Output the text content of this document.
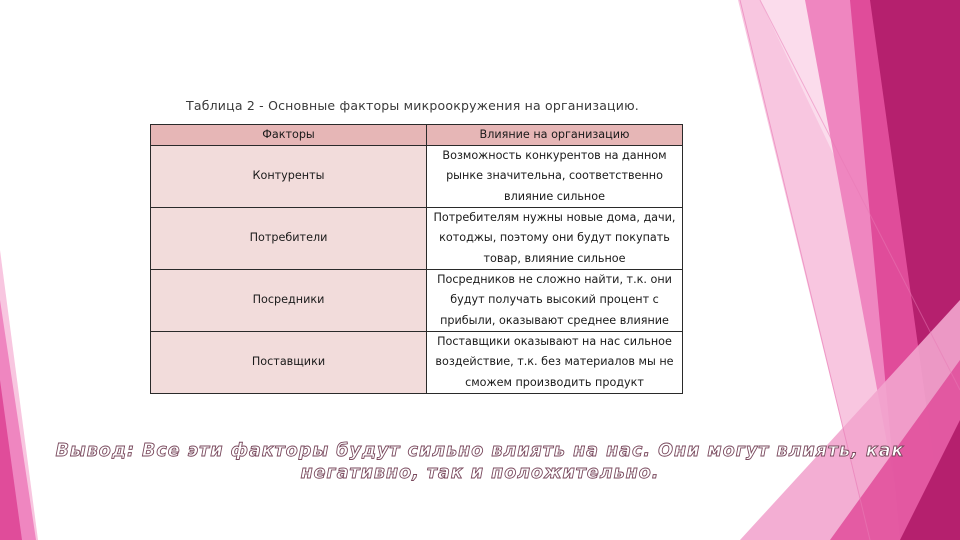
Таблица 2 - Основные факторы микроокружения на организацию.
Факторы	Влияние на организацию
Контуренты	Возможность конкурентов на данном рынке значительна, соответственно влияние сильное
Потребители	Потребителям нужны новые дома, дачи, котоджы, поэтому они будут покупать товар, влияние сильное
Посредники	Посредников не сложно найти, т.к. они будут получать высокий процент с прибыли, оказывают среднее влияние
Поставщики	Поставщики оказывают на нас сильное воздействие, т.к. без материалов мы не сможем производить продукт
Вывод: Все эти факторы будут сильно влиять на нас. Они могут влиять, как негативно, так и положительно.
